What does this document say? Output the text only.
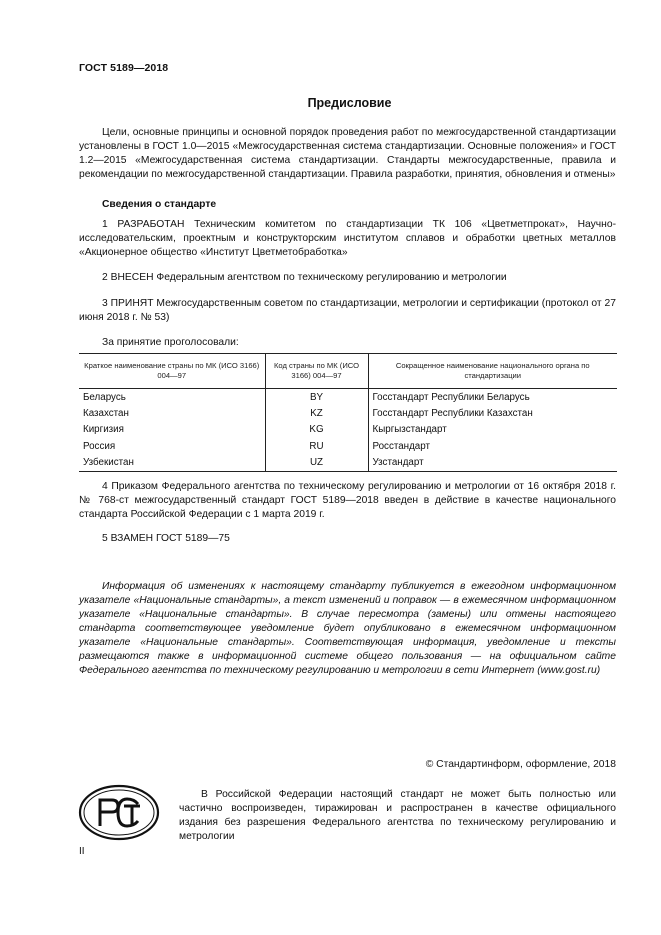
ГОСТ 5189—2018
Предисловие

Цели, основные принципы и основной порядок проведения работ по межгосударственной стандартизации установлены в ГОСТ 1.0—2015 «Межгосударственная система стандартизации. Основные положения» и ГОСТ 1.2—2015 «Межгосударственная система стандартизации. Стандарты межгосударственные, правила и рекомендации по межгосударственной стандартизации. Правила разработки, принятия, обновления и отмены»

Сведения о стандарте

1 РАЗРАБОТАН Техническим комитетом по стандартизации ТК 106 «Цветметпрокат», Научно-исследовательским, проектным и конструкторским институтом сплавов и обработки цветных металлов «Акционерное общество «Институт Цветметобработка»

2 ВНЕСЕН Федеральным агентством по техническому регулированию и метрологии

3 ПРИНЯТ Межгосударственным советом по стандартизации, метрологии и сертификации (протокол от 27 июня 2018 г. № 53)

За принятие проголосовали:

Краткое наименование страны по МК (ИСО 3166) 004—97	Код страны по МК (ИСО 3166) 004—97	Сокращенное наименование национального органа по стандартизации
Беларусь	BY	Госстандарт Республики Беларусь
Казахстан	KZ	Госстандарт Республики Казахстан
Киргизия	KG	Кыргызстандарт
Россия	RU	Росстандарт
Узбекистан	UZ	Узстандарт

4 Приказом Федерального агентства по техническому регулированию и метрологии от 16 октября 2018 г. № 768-ст межгосударственный стандарт ГОСТ 5189—2018 введен в действие в качестве национального стандарта Российской Федерации с 1 марта 2019 г.

5 ВЗАМЕН ГОСТ 5189—75

Информация об изменениях к настоящему стандарту публикуется в ежегодном информационном указателе «Национальные стандарты», а текст изменений и поправок — в ежемесячном информационном указателе «Национальные стандарты». В случае пересмотра (замены) или отмены настоящего стандарта соответствующее уведомление будет опубликовано в ежемесячном информационном указателе «Национальные стандарты». Соответствующая информация, уведомление и тексты размещаются также в информационной системе общего пользования — на официальном сайте Федерального агентства по техническому регулированию и метрологии в сети Интернет (www.gost.ru)

© Стандартинформ, оформление, 2018

В Российской Федерации настоящий стандарт не может быть полностью или частично воспроизведен, тиражирован и распространен в качестве официального издания без разрешения Федерального агентства по техническому регулированию и метрологии

II
